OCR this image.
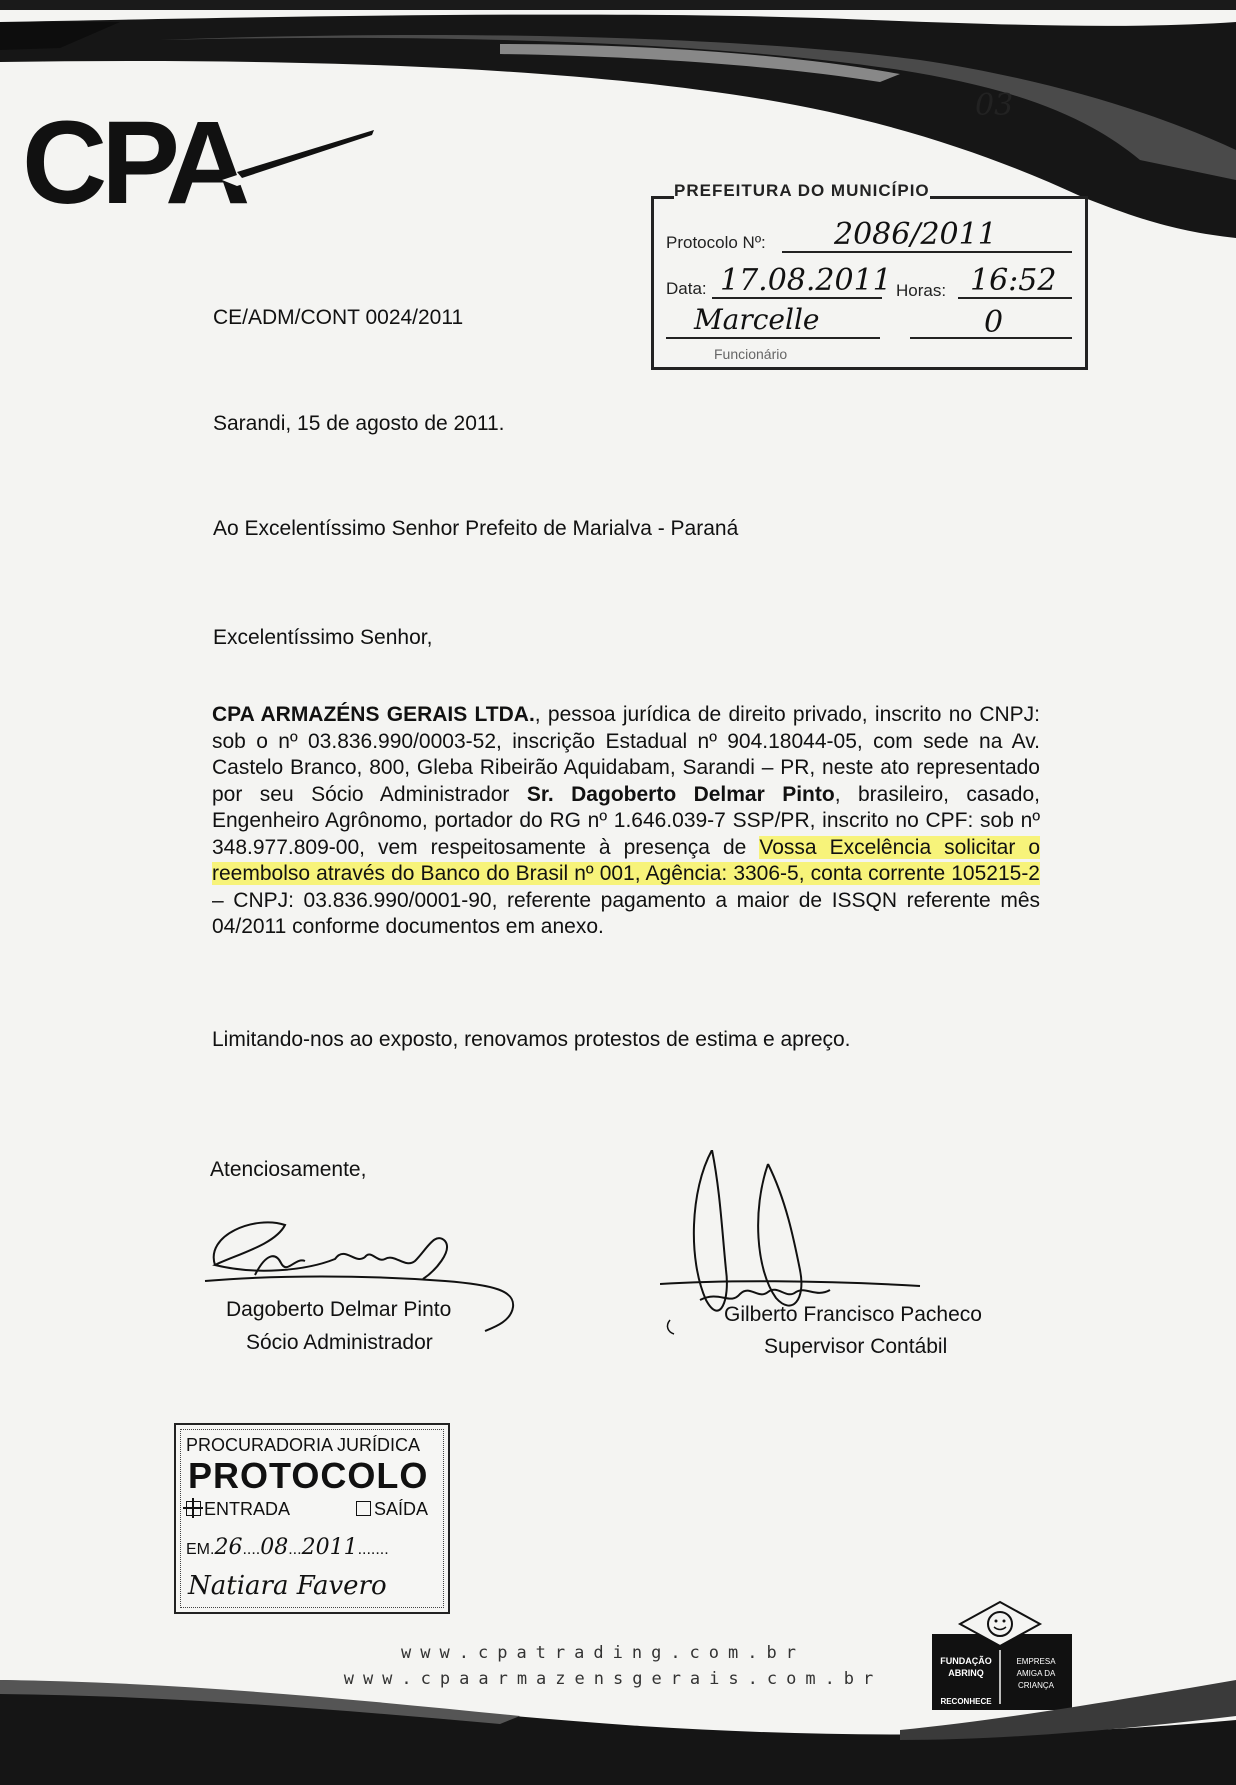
CPA
CPA
03
PREFEITURA DO MUNICÍPIO
Protocolo Nº: 2086/2011
Data: 17.08.2011 Horas: 16:52
Marcelle	0
Funcionário
CE/ADM/CONT 0024/2011
Sarandi, 15 de agosto de 2011.
Ao Excelentíssimo Senhor Prefeito de Marialva - Paraná
Excelentíssimo Senhor,
CPA ARMAZÉNS GERAIS LTDA., pessoa jurídica de direito privado, inscrito no CNPJ: sob o nº 03.836.990/0003-52, inscrição Estadual nº 904.18044-05, com sede na Av. Castelo Branco, 800, Gleba Ribeirão Aquidabam, Sarandi – PR, neste ato representado por seu Sócio Administrador Sr. Dagoberto Delmar Pinto, brasileiro, casado, Engenheiro Agrônomo, portador do RG nº 1.646.039-7 SSP/PR, inscrito no CPF: sob nº 348.977.809-00, vem respeitosamente à presença de Vossa Excelência solicitar o reembolso através do Banco do Brasil nº 001, Agência: 3306-5, conta corrente 105215-2 – CNPJ: 03.836.990/0001-90, referente pagamento a maior de ISSQN referente mês 04/2011 conforme documentos em anexo.
Limitando-nos ao exposto, renovamos protestos de estima e apreço.
Atenciosamente,
Dagoberto Delmar Pinto
Sócio Administrador
Gilberto Francisco Pacheco
Supervisor Contábil
PROCURADORIA JURÍDICA
PROTOCOLO
ENTRADA	SAÍDA
EM.26....08...2011.......
Natiara Favero
www.cpatrading.com.br
www.cpaarmazensgerais.com.br
FUNDAÇÃO
ABRINQ
RECONHECE
EMPRESA
AMIGA DA
CRIANÇA
